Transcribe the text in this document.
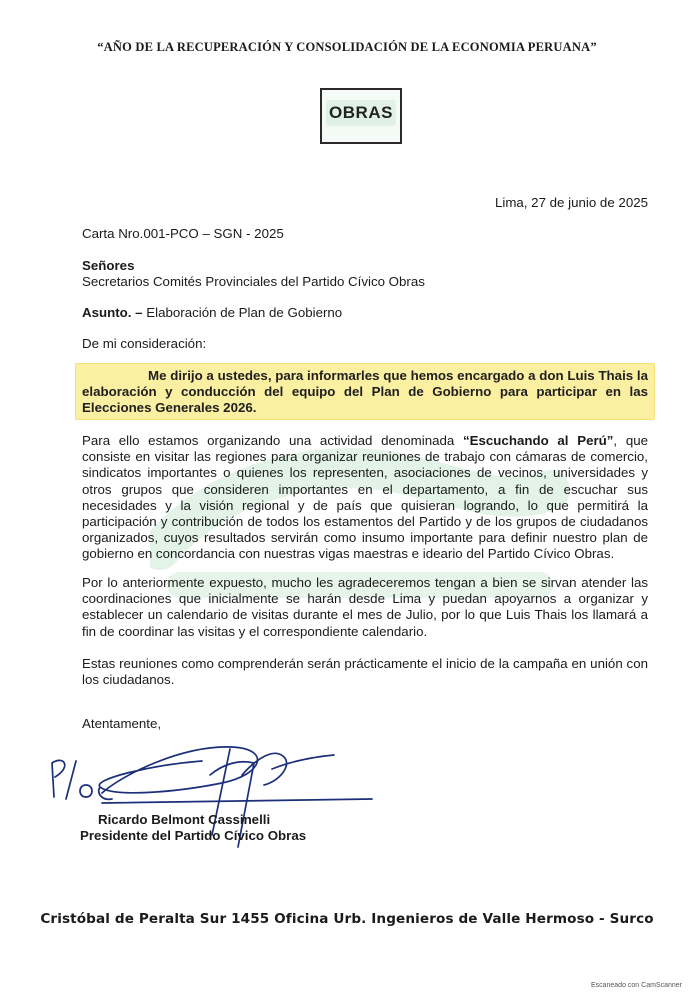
“AÑO DE LA RECUPERACIÓN Y CONSOLIDACIÓN DE LA ECONOMIA PERUANA”
OBRAS
Lima, 27 de junio de 2025
Carta Nro.001-PCO – SGN - 2025
Señores
Secretarios Comités Provinciales del Partido Cívico Obras
Asunto. – Elaboración de Plan de Gobierno
De mi consideración:
Me dirijo a ustedes, para informarles que hemos encargado a don Luis Thais la elaboración y conducción del equipo del Plan de Gobierno para participar en las Elecciones Generales 2026.
Para ello estamos organizando una actividad denominada “Escuchando al Perú”, que consiste en visitar las regiones para organizar reuniones de trabajo con cámaras de comercio, sindicatos importantes o quienes los representen, asociaciones de vecinos, universidades y otros grupos que consideren importantes en el departamento, a fin de escuchar sus necesidades y la visión regional y de país que quisieran logrando, lo que permitirá la participación y contribución de todos los estamentos del Partido y de los grupos de ciudadanos organizados, cuyos resultados servirán como insumo importante para definir nuestro plan de gobierno en concordancia con nuestras vigas maestras e ideario del Partido Cívico Obras.
Por lo anteriormente expuesto, mucho les agradeceremos tengan a bien se sirvan atender las coordinaciones que inicialmente se harán desde Lima y puedan apoyarnos a organizar y establecer un calendario de visitas durante el mes de Julio, por lo que Luis Thais los llamará a fin de coordinar las visitas y el correspondiente calendario.
Estas reuniones como comprenderán serán prácticamente el inicio de la campaña en unión con los ciudadanos.
Atentamente,
Ricardo Belmont Cassinelli
Presidente del Partido Cívico Obras
Cristóbal de Peralta Sur 1455 Oficina Urb. Ingenieros de Valle Hermoso - Surco
Escaneado con CamScanner
